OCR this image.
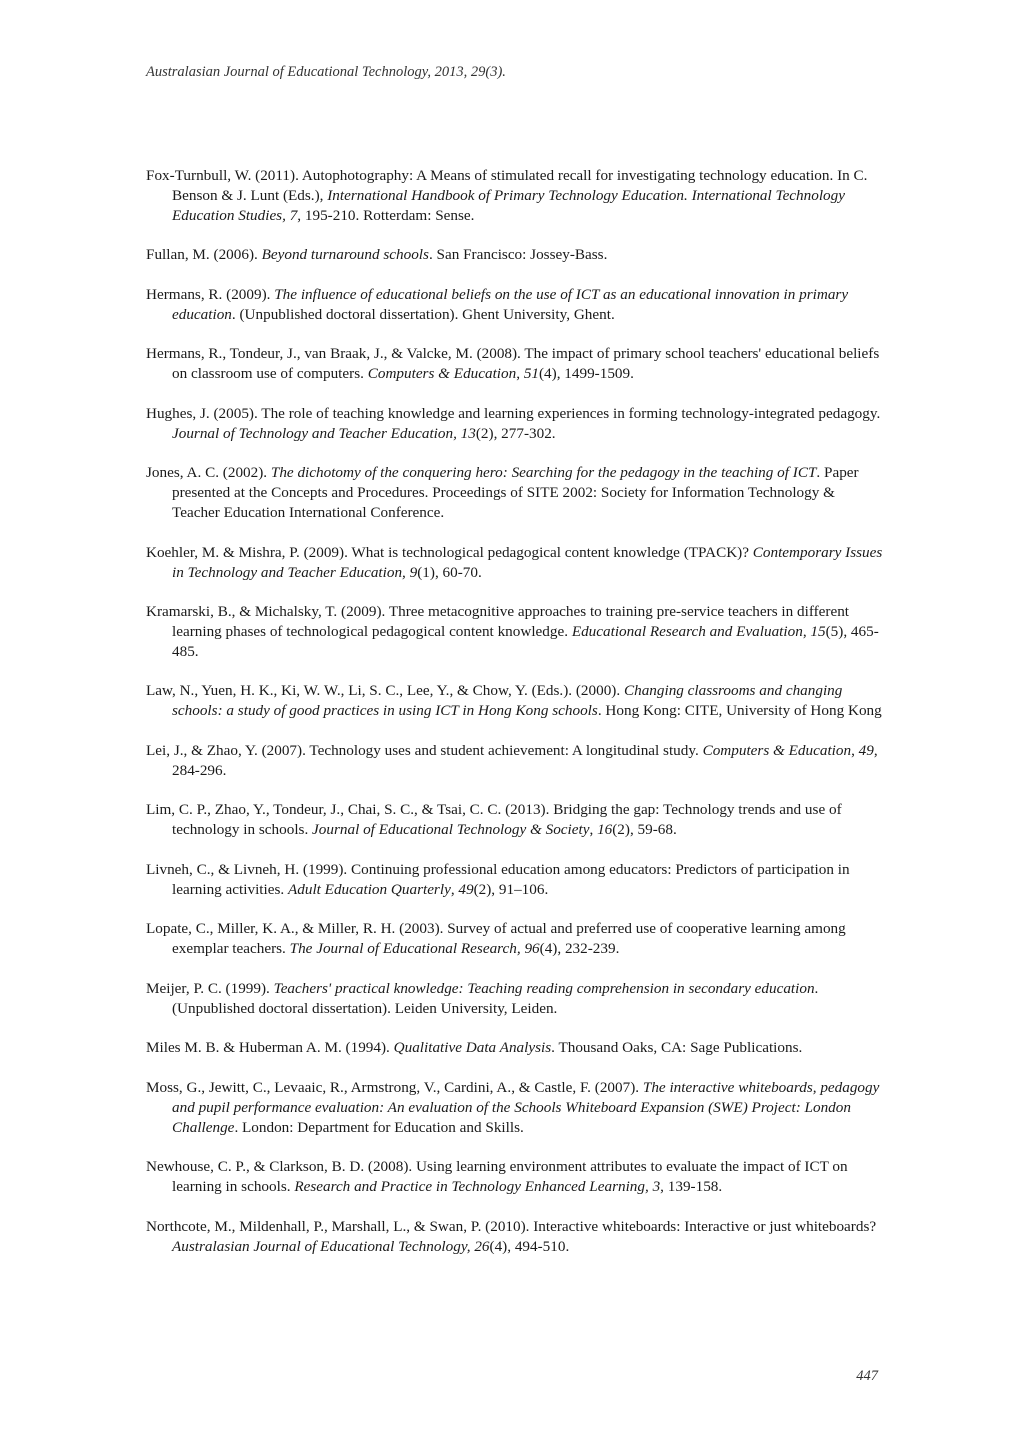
Australasian Journal of Educational Technology, 2013, 29(3).
Fox-Turnbull, W. (2011). Autophotography: A Means of stimulated recall for investigating technology education. In C. Benson & J. Lunt (Eds.), International Handbook of Primary Technology Education. International Technology Education Studies, 7, 195-210. Rotterdam: Sense.
Fullan, M. (2006). Beyond turnaround schools. San Francisco: Jossey-Bass.
Hermans, R. (2009). The influence of educational beliefs on the use of ICT as an educational innovation in primary education. (Unpublished doctoral dissertation). Ghent University, Ghent.
Hermans, R., Tondeur, J., van Braak, J., & Valcke, M. (2008). The impact of primary school teachers' educational beliefs on classroom use of computers. Computers & Education, 51(4), 1499-1509.
Hughes, J. (2005). The role of teaching knowledge and learning experiences in forming technology-integrated pedagogy. Journal of Technology and Teacher Education, 13(2), 277-302.
Jones, A. C. (2002). The dichotomy of the conquering hero: Searching for the pedagogy in the teaching of ICT. Paper presented at the Concepts and Procedures. Proceedings of SITE 2002: Society for Information Technology & Teacher Education International Conference.
Koehler, M. & Mishra, P. (2009). What is technological pedagogical content knowledge (TPACK)? Contemporary Issues in Technology and Teacher Education, 9(1), 60-70.
Kramarski, B., & Michalsky, T. (2009). Three metacognitive approaches to training pre-service teachers in different learning phases of technological pedagogical content knowledge. Educational Research and Evaluation, 15(5), 465-485.
Law, N., Yuen, H. K., Ki, W. W., Li, S. C., Lee, Y., & Chow, Y. (Eds.). (2000). Changing classrooms and changing schools: a study of good practices in using ICT in Hong Kong schools. Hong Kong: CITE, University of Hong Kong
Lei, J., & Zhao, Y. (2007). Technology uses and student achievement: A longitudinal study. Computers & Education, 49, 284-296.
Lim, C. P., Zhao, Y., Tondeur, J., Chai, S. C., & Tsai, C. C. (2013). Bridging the gap: Technology trends and use of technology in schools. Journal of Educational Technology & Society, 16(2), 59-68.
Livneh, C., & Livneh, H. (1999). Continuing professional education among educators: Predictors of participation in learning activities. Adult Education Quarterly, 49(2), 91–106.
Lopate, C., Miller, K. A., & Miller, R. H. (2003). Survey of actual and preferred use of cooperative learning among exemplar teachers. The Journal of Educational Research, 96(4), 232-239.
Meijer, P. C. (1999). Teachers' practical knowledge: Teaching reading comprehension in secondary education. (Unpublished doctoral dissertation). Leiden University, Leiden.
Miles M. B. & Huberman A. M. (1994). Qualitative Data Analysis. Thousand Oaks, CA: Sage Publications.
Moss, G., Jewitt, C., Levaaic, R., Armstrong, V., Cardini, A., & Castle, F. (2007). The interactive whiteboards, pedagogy and pupil performance evaluation: An evaluation of the Schools Whiteboard Expansion (SWE) Project: London Challenge. London: Department for Education and Skills.
Newhouse, C. P., & Clarkson, B. D. (2008). Using learning environment attributes to evaluate the impact of ICT on learning in schools. Research and Practice in Technology Enhanced Learning, 3, 139-158.
Northcote, M., Mildenhall, P., Marshall, L., & Swan, P. (2010). Interactive whiteboards: Interactive or just whiteboards? Australasian Journal of Educational Technology, 26(4), 494-510.
447
